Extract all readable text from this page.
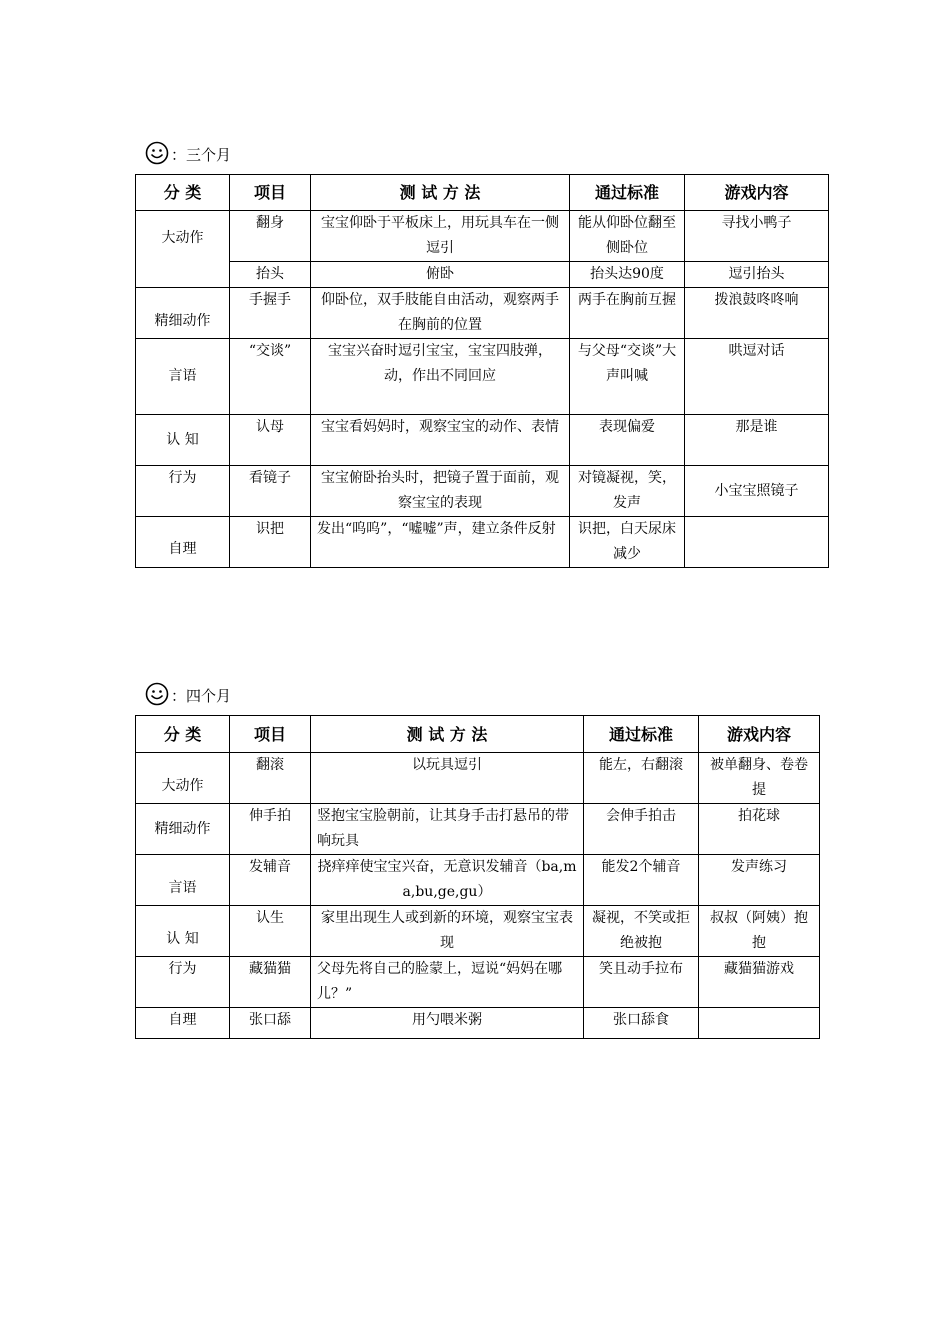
：三个月
分 类	项目	测 试 方 法	通过标准	游戏内容
大动作	翻身	宝宝仰卧于平板床上，用玩具车在一侧逗引	能从仰卧位翻至侧卧位	寻找小鸭子
	抬头	俯卧	抬头达90度	逗引抬头
精细动作	手握手	仰卧位，双手肢能自由活动，观察两手在胸前的位置	两手在胸前互握	拨浪鼓咚咚响
言语	“交谈”	宝宝兴奋时逗引宝宝，宝宝四肢弹，动，作出不同回应	与父母“交谈”大声叫喊	哄逗对话
认 知	认母	宝宝看妈妈时，观察宝宝的动作、表情	表现偏爱	那是谁
行为	看镜子	宝宝俯卧抬头时，把镜子置于面前，观察宝宝的表现	对镜凝视，笑，发声	小宝宝照镜子
自理	识把	发出“呜呜”，“嘘嘘”声，建立条件反射	识把，白天尿床减少	
：四个月
分 类	项目	测 试 方 法	通过标准	游戏内容
大动作	翻滚	以玩具逗引	能左，右翻滚	被单翻身、卷卷提
精细动作	伸手拍	竖抱宝宝脸朝前，让其身手击打悬吊的带响玩具	会伸手拍击	拍花球
言语	发辅音	挠痒痒使宝宝兴奋，无意识发辅音（ba,ma,bu,ge,gu）	能发2个辅音	发声练习
认 知	认生	家里出现生人或到新的环境，观察宝宝表现	凝视，不笑或拒绝被抱	叔叔（阿姨）抱抱
行为	藏猫猫	父母先将自己的脸蒙上，逗说“妈妈在哪儿？”	笑且动手拉布	藏猫猫游戏
自理	张口舔	用勺喂米粥	张口舔食	
